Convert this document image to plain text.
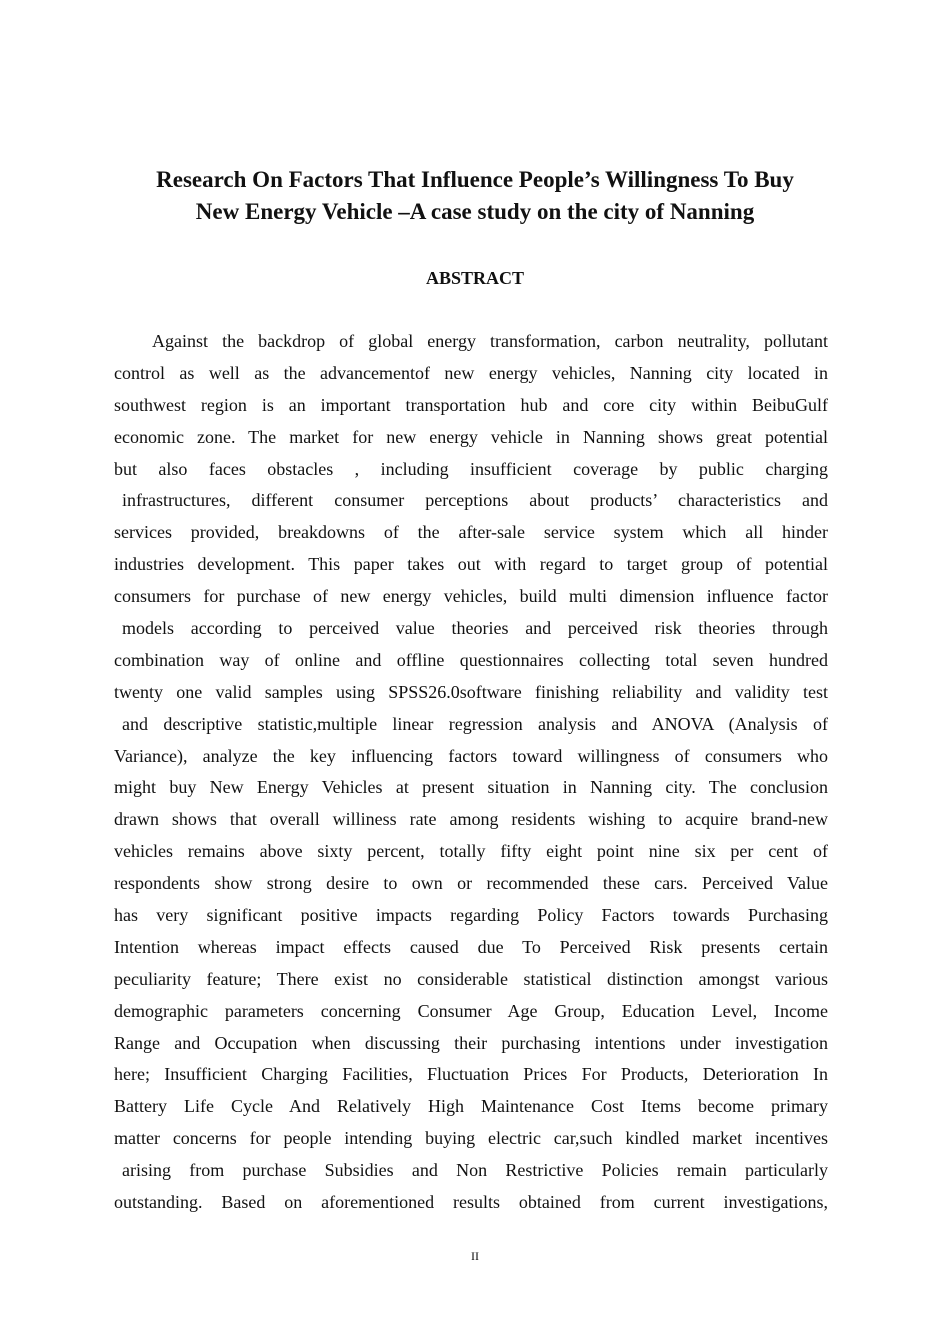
Research On Factors That Influence People’s Willingness To Buy
New Energy Vehicle –A case study on the city of Nanning
ABSTRACT

Against the backdrop of global energy transformation, carbon neutrality, pollutant
control as well as the advancementof new energy vehicles, Nanning city located in
southwest region is an important transportation hub and core city within BeibuGulf
economic zone. The market for new energy vehicle in Nanning shows great potential
but also faces obstacles , including insufficient coverage by public charging
infrastructures, different consumer perceptions about products’ characteristics and
services provided, breakdowns of the after-sale service system which all hinder
industries development. This paper takes out with regard to target group of potential
consumers for purchase of new energy vehicles, build multi dimension influence factor
models according to perceived value theories and perceived risk theories through
combination way of online and offline questionnaires collecting total seven hundred
twenty one valid samples using SPSS26.0software finishing reliability and validity test
and descriptive statistic,multiple linear regression analysis and ANOVA (Analysis of
Variance), analyze the key influencing factors toward willingness of consumers who
might buy New Energy Vehicles at present situation in Nanning city. The conclusion
drawn shows that overall williness rate among residents wishing to acquire brand-new
vehicles remains above sixty percent, totally fifty eight point nine six per cent of
respondents show strong desire to own or recommended these cars. Perceived Value
has very significant positive impacts regarding Policy Factors towards Purchasing
Intention whereas impact effects caused due To Perceived Risk presents certain
peculiarity feature; There exist no considerable statistical distinction amongst various
demographic parameters concerning Consumer Age Group, Education Level, Income
Range and Occupation when discussing their purchasing intentions under investigation
here; Insufficient Charging Facilities, Fluctuation Prices For Products, Deterioration In
Battery Life Cycle And Relatively High Maintenance Cost Items become primary
matter concerns for people intending buying electric car,such kindled market incentives
arising from purchase Subsidies and Non Restrictive Policies remain particularly
outstanding. Based on aforementioned results obtained from current investigations,

II
